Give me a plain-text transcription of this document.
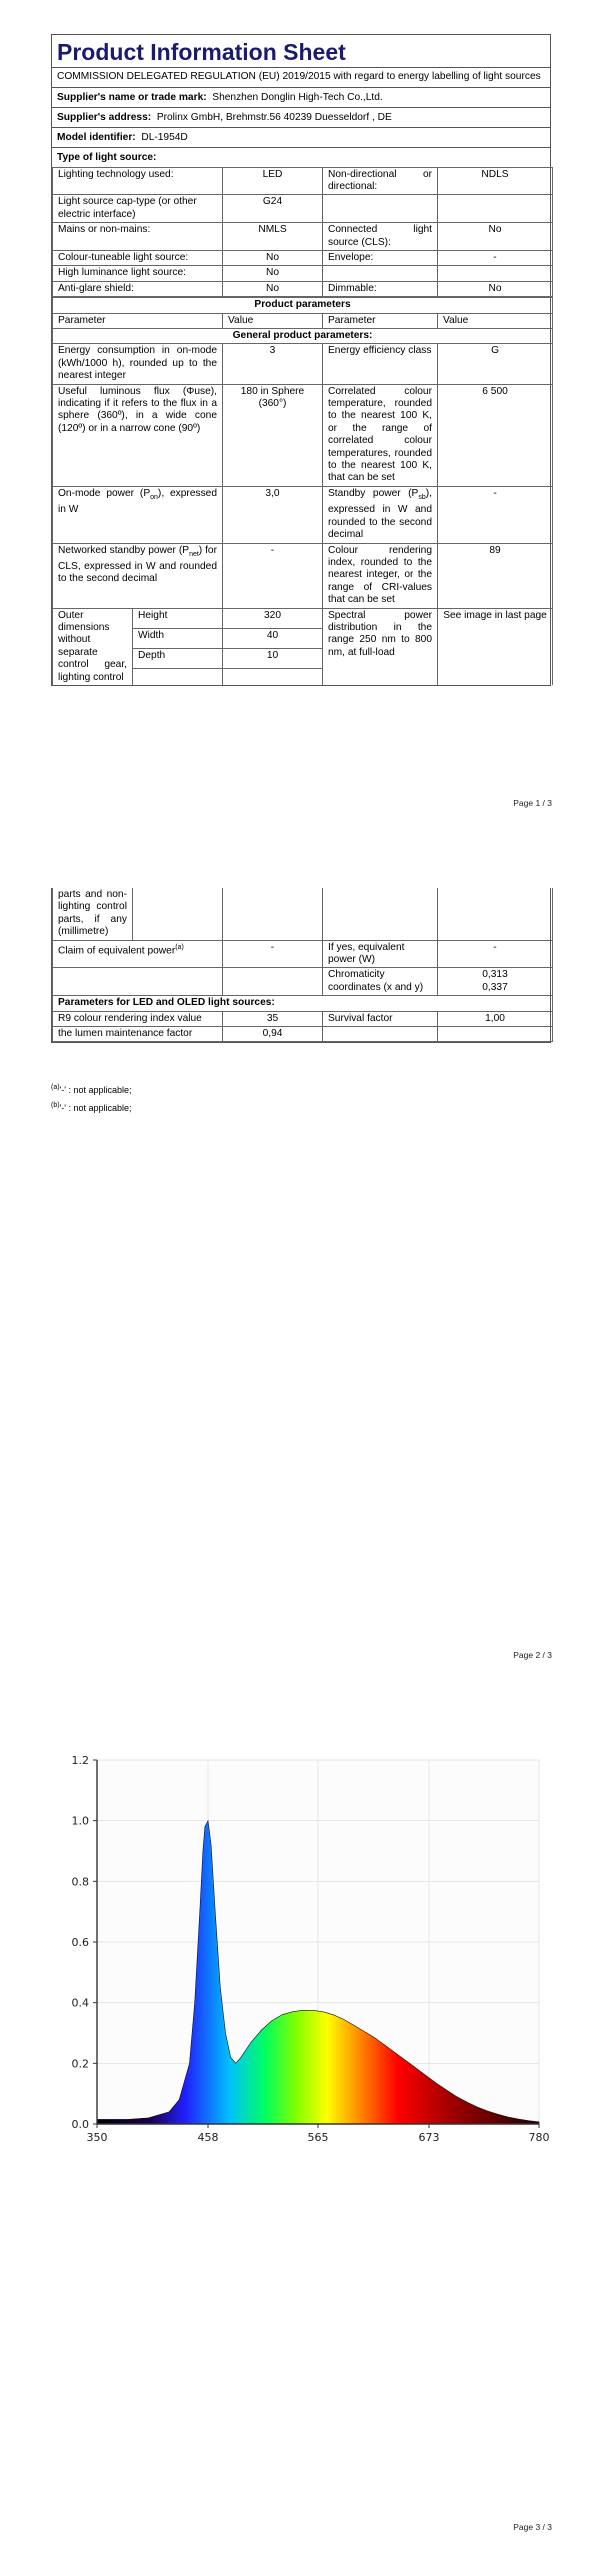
Product Information Sheet
COMMISSION DELEGATED REGULATION (EU) 2019/2015 with regard to energy labelling of light sources
Supplier's name or trade mark: Shenzhen Donglin High-Tech Co.,Ltd.
Supplier's address: Prolinx GmbH, Brehmstr.56 40239 Duesseldorf , DE
Model identifier: DL-1954D
Type of light source:
Lighting technology used:	LED	Non-directional or directional:	NDLS
Light source cap-type (or other electric interface)	G24		
Mains or non-mains:	NMLS	Connected light source (CLS):	No
Colour-tuneable light source:	No	Envelope:	-
High luminance light source:	No		
Anti-glare shield:	No	Dimmable:	No
Product parameters				
Parameter		Value	Parameter	Value
General product parameters:				
Energy consumption in on-mode (kWh/1000 h), rounded up to the nearest integer		3	Energy efficiency class	G
Useful luminous flux (Φuse), indicating if it refers to the flux in a sphere (360º), in a wide cone (120º) or in a narrow cone (90º)		180 in Sphere (360°)	Correlated colour temperature, rounded to the nearest 100 K, or the range of correlated colour temperatures, rounded to the nearest 100 K, that can be set	6 500
On-mode power $(P_{on})$, expressed in W		3,0	Standby power $(P_{sb})$, expressed in W and rounded to the second decimal	-
Networked standby power $(P_{net})$ for CLS, expressed in W and rounded to the second decimal		-	Colour rendering index, rounded to the nearest integer, or the range of CRI-values that can be set	89
Outer dimensions without separate control gear, lighting control	Height	320	Spectral power distribution in the range 250 nm to 800 nm, at full-load	See image in last page
	Width	40		
	Depth	10		

Page 1 / 3
parts and non-lighting control parts, if any (millimetre)				
Claim of equivalent power$^{(a)}$		-	If yes, equivalent power (W)	-
			Chromaticity coordinates (x and y)	0,313
0,337

Parameters for LED and OLED light sources:				
R9 colour rendering index value		35	Survival factor	1,00
the lumen maintenance factor		0,94		
$^{(a)}$'-' : not applicable;
$^{(b)}$'-' : not applicable;
Page 2 / 3
0.0
0.2
0.4
0.6
0.8
1.0
1.2
350	458	565	673	780
Page 3 / 3
